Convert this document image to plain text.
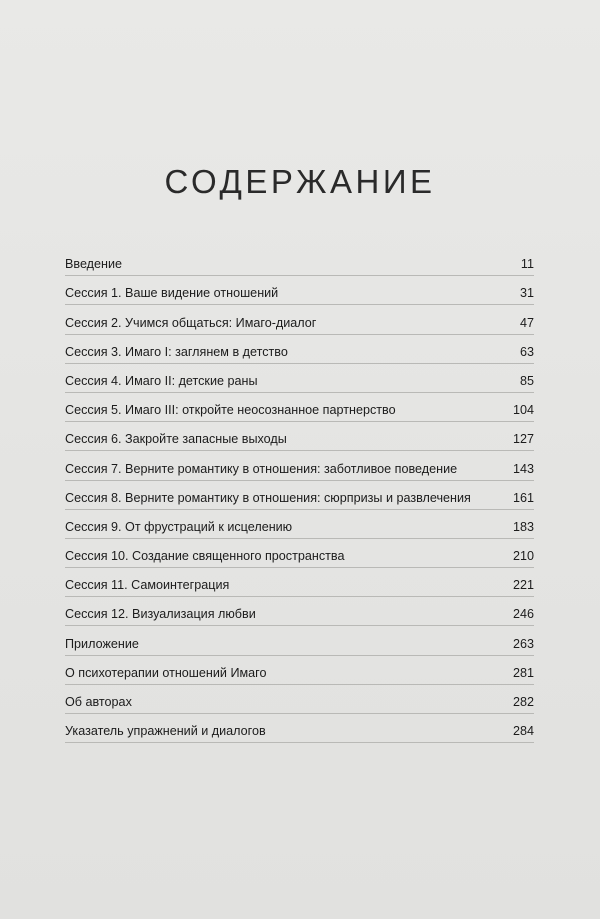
СОДЕРЖАНИЕ
Введение	11
Сессия 1. Ваше видение отношений	31
Сессия 2. Учимся общаться: Имаго-диалог	47
Сессия 3. Имаго I: заглянем в детство	63
Сессия 4. Имаго II: детские раны	85
Сессия 5. Имаго III: откройте неосознанное партнерство	104
Сессия 6. Закройте запасные выходы	127
Сессия 7. Верните романтику в отношения: заботливое поведение	143
Сессия 8. Верните романтику в отношения: сюрпризы и развлечения	161
Сессия 9. От фрустраций к исцелению	183
Сессия 10. Создание священного пространства	210
Сессия 11. Самоинтеграция	221
Сессия 12. Визуализация любви	246
Приложение	263
О психотерапии отношений Имаго	281
Об авторах	282
Указатель упражнений и диалогов	284
